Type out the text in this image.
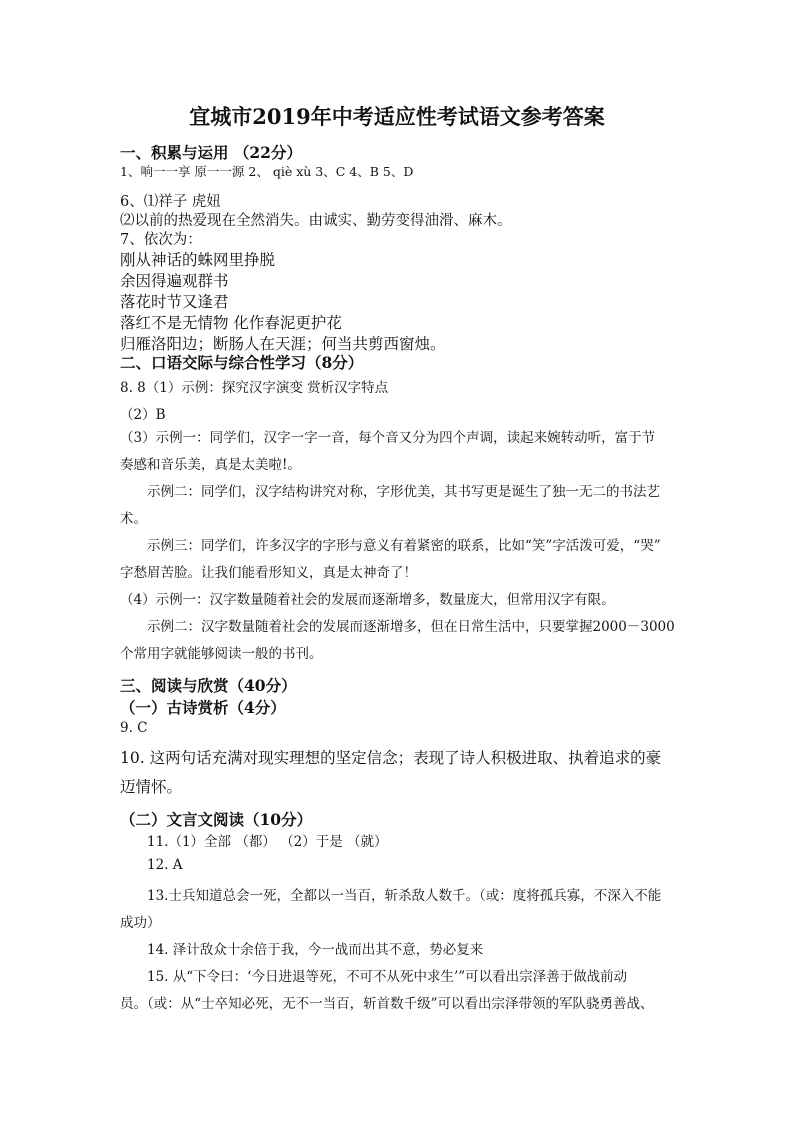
宜城市2019年中考适应性考试语文参考答案

一、积累与运用 （22分）

1、响一一享 原一一源 2、 qiè xù 3、C 4、B 5、D

6、⑴祥子 虎妞

⑵以前的热爱现在全然消失。由诚实、勤劳变得油滑、麻木。

7、依次为：

刚从神话的蛛网里挣脱

余因得遍观群书

落花时节又逢君

落红不是无情物 化作春泥更护花

归雁洛阳边；断肠人在天涯；何当共剪西窗烛。

二、口语交际与综合性学习（8分）

8. 8（1）示例：探究汉字演变 赏析汉字特点

（2）B

（3）示例一：同学们，汉字一字一音，每个音又分为四个声调，读起来婉转动听，富于节

奏感和音乐美，真是太美啦!。

示例二：同学们，汉字结构讲究对称，字形优美，其书写更是诞生了独一无二的书法艺

术。

示例三：同学们，许多汉字的字形与意义有着紧密的联系，比如“笑”字活泼可爱，“哭”

字愁眉苦脸。让我们能看形知义，真是太神奇了！

（4）示例一：汉字数量随着社会的发展而逐渐增多，数量庞大，但常用汉字有限。

示例二：汉字数量随着社会的发展而逐渐增多，但在日常生活中，只要掌握2000－3000

个常用字就能够阅读一般的书刊。

三、阅读与欣赏（40分）

（一）古诗赏析（4分）

9. C

10. 这两句话充满对现实理想的坚定信念；表现了诗人积极进取、执着追求的豪

迈情怀。

（二）文言文阅读（10分）

11.（1）全部 （都） （2）于是 （就）

12. A

13.士兵知道总会一死，全都以一当百，斩杀敌人数千。（或：度将孤兵寡，不深入不能

成功）

14. 泽计敌众十余倍于我，今一战而出其不意，势必复来

15. 从“下令曰：‘今日进退等死，不可不从死中求生’”可以看出宗泽善于做战前动

员。（或：从“士卒知必死，无不一当百，斩首数千级”可以看出宗泽带领的军队骁勇善战、
